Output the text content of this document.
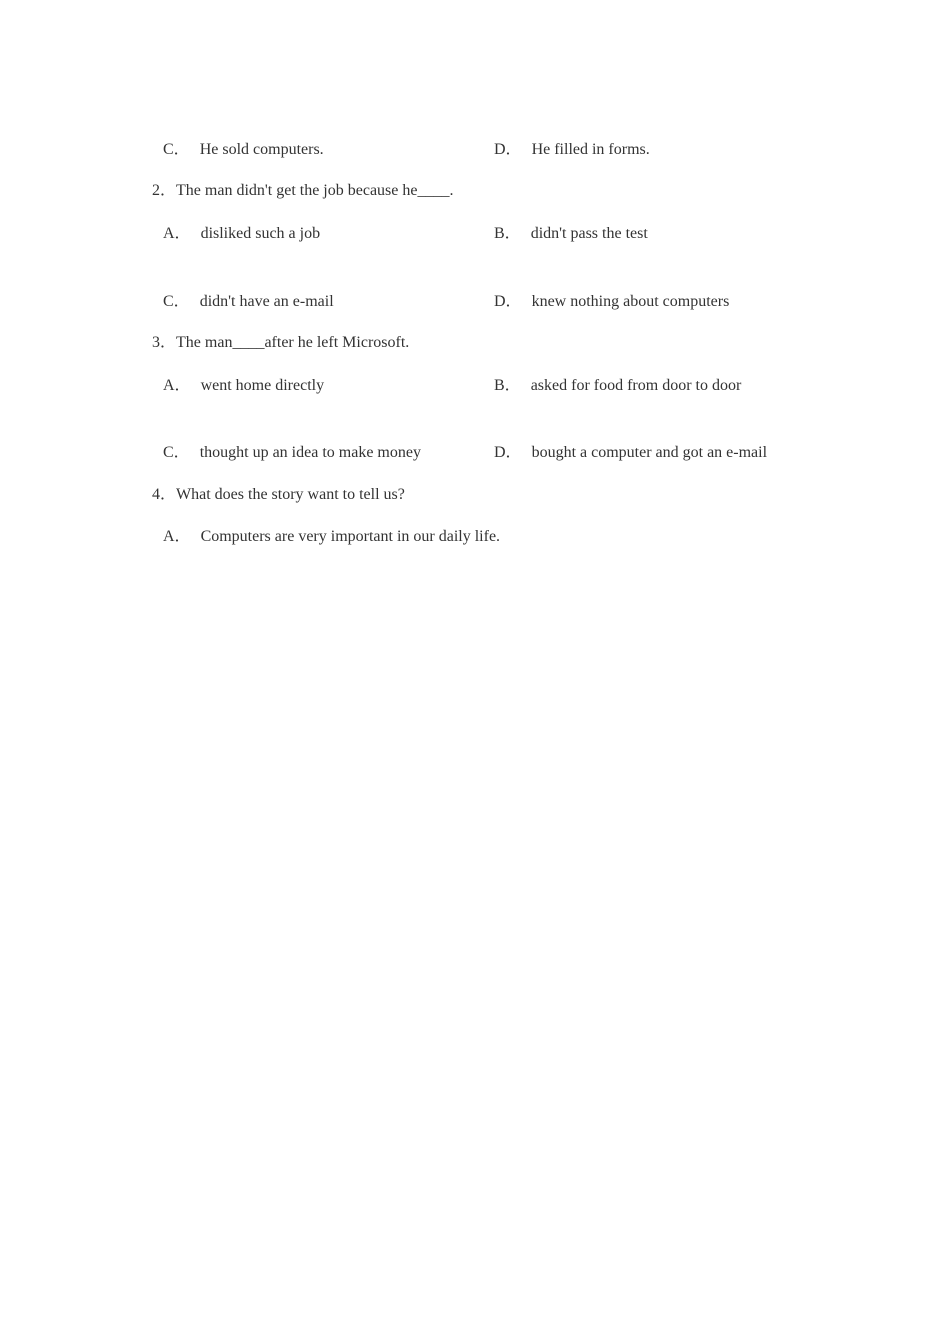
C． He sold computers.	D． He filled in forms.

2．The man didn't get the job because he____.

A． disliked such a job	B． didn't pass the test

C． didn't have an e-mail	D． knew nothing about computers

3．The man____after he left Microsoft.

A． went home directly	B． asked for food from door to door

C． thought up an idea to make money	D． bought a computer and got an e-mail

4．What does the story want to tell us?

A． Computers are very important in our daily life.
